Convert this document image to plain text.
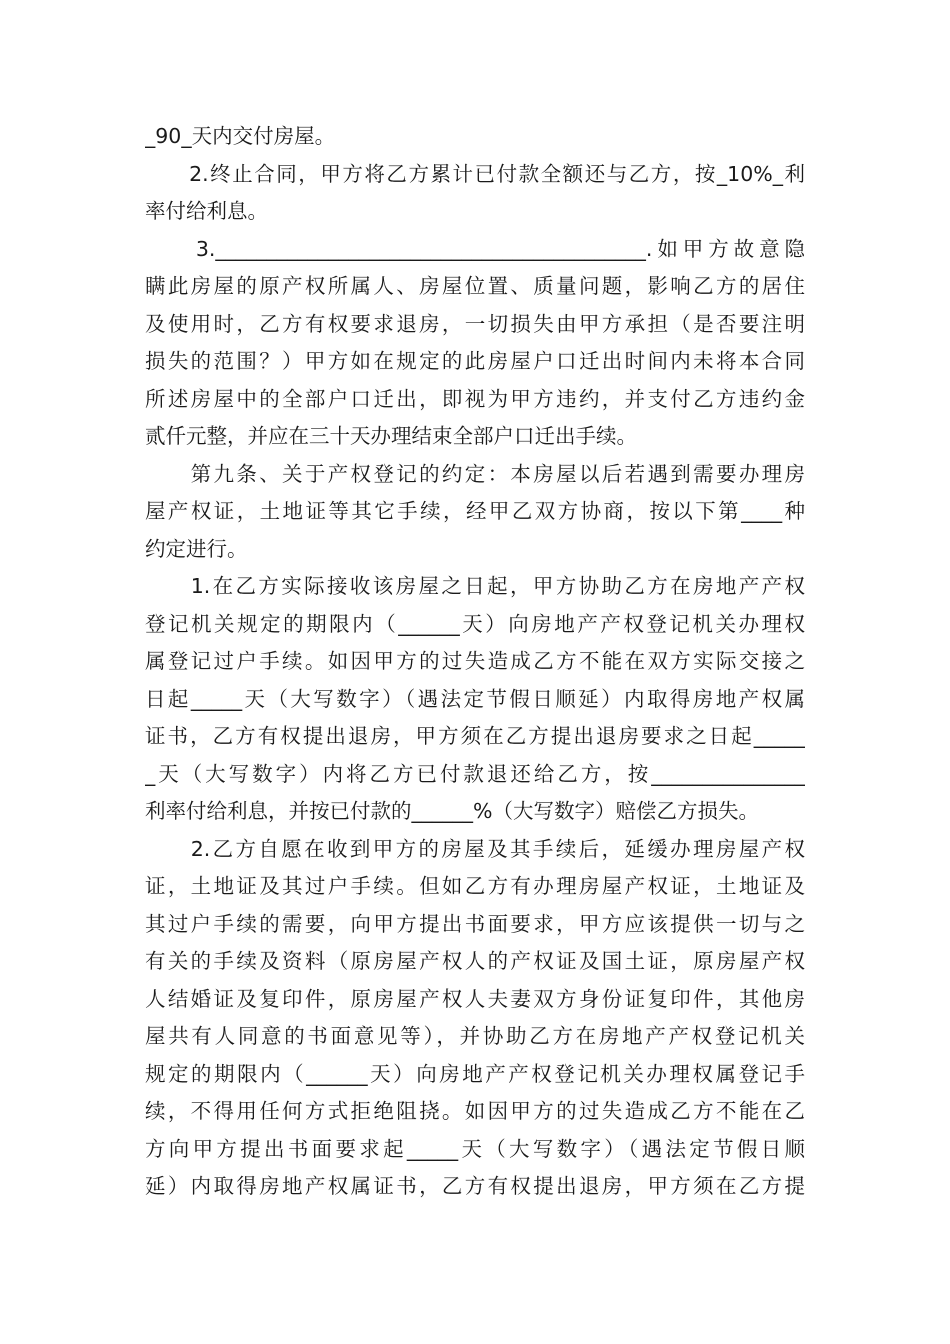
_90_天内交付房屋。
　　2.终止合同，甲方将乙方累计已付款全额还与乙方，按_10%_利
率付给利息。
　　3.__________________________________________.如甲方故意隐
瞒此房屋的原产权所属人、房屋位置、质量问题，影响乙方的居住
及使用时，乙方有权要求退房，一切损失由甲方承担（是否要注明
损失的范围？）甲方如在规定的此房屋户口迁出时间内未将本合同
所述房屋中的全部户口迁出，即视为甲方违约，并支付乙方违约金
贰仟元整，并应在三十天办理结束全部户口迁出手续。
　　第九条、关于产权登记的约定：本房屋以后若遇到需要办理房
屋产权证，土地证等其它手续，经甲乙双方协商，按以下第____种
约定进行。
　　1.在乙方实际接收该房屋之日起，甲方协助乙方在房地产产权
登记机关规定的期限内（______天）向房地产产权登记机关办理权
属登记过户手续。如因甲方的过失造成乙方不能在双方实际交接之
日起_____天（大写数字）（遇法定节假日顺延）内取得房地产权属
证书，乙方有权提出退房，甲方须在乙方提出退房要求之日起_____
_天（大写数字）内将乙方已付款退还给乙方，按_______________
利率付给利息，并按已付款的______%（大写数字）赔偿乙方损失。
　　2.乙方自愿在收到甲方的房屋及其手续后，延缓办理房屋产权
证，土地证及其过户手续。但如乙方有办理房屋产权证，土地证及
其过户手续的需要，向甲方提出书面要求，甲方应该提供一切与之
有关的手续及资料（原房屋产权人的产权证及国土证，原房屋产权
人结婚证及复印件，原房屋产权人夫妻双方身份证复印件，其他房
屋共有人同意的书面意见等），并协助乙方在房地产产权登记机关
规定的期限内（______天）向房地产产权登记机关办理权属登记手
续，不得用任何方式拒绝阻挠。如因甲方的过失造成乙方不能在乙
方向甲方提出书面要求起_____天（大写数字）（遇法定节假日顺
延）内取得房地产权属证书，乙方有权提出退房，甲方须在乙方提
